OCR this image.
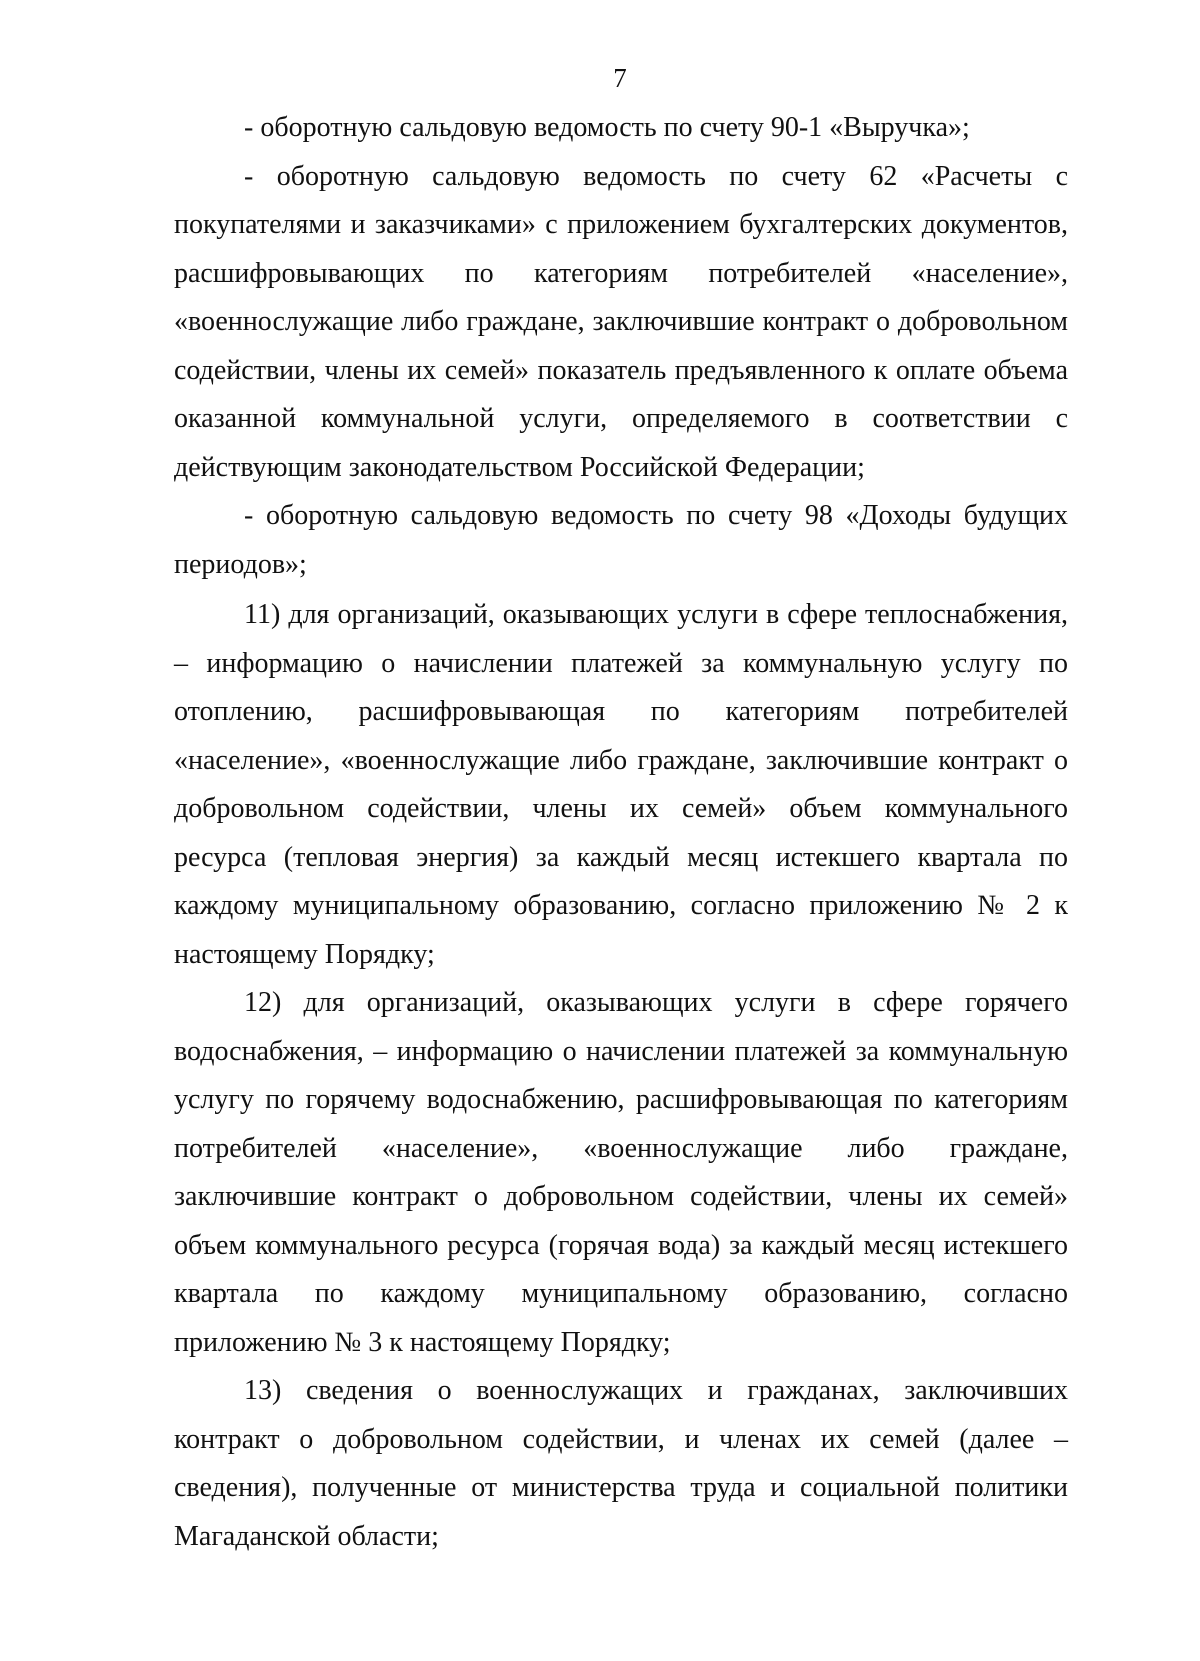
7

- оборотную сальдовую ведомость по счету 90-1 «Выручка»;

- оборотную сальдовую ведомость по счету 62 «Расчеты с покупателями и заказчиками» с приложением бухгалтерских документов, расшифровывающих по категориям потребителей «население», «военнослужащие либо граждане, заключившие контракт о добровольном содействии, члены их семей» показатель предъявленного к оплате объема оказанной коммунальной услуги, определяемого в соответствии с действующим законодательством Российской Федерации;

- оборотную сальдовую ведомость по счету 98 «Доходы будущих периодов»;

11) для организаций, оказывающих услуги в сфере теплоснабжения, – информацию о начислении платежей за коммунальную услугу по отоплению, расшифровывающая по категориям потребителей «население», «военнослужащие либо граждане, заключившие контракт о добровольном содействии, члены их семей» объем коммунального ресурса (тепловая энергия) за каждый месяц истекшего квартала по каждому муниципальному образованию, согласно приложению № 2 к настоящему Порядку;

12) для организаций, оказывающих услуги в сфере горячего водоснабжения, – информацию о начислении платежей за коммунальную услугу по горячему водоснабжению, расшифровывающая по категориям потребителей «население», «военнослужащие либо граждане, заключившие контракт о добровольном содействии, члены их семей» объем коммунального ресурса (горячая вода) за каждый месяц истекшего квартала по каждому муниципальному образованию, согласно приложению № 3 к настоящему Порядку;

13) сведения о военнослужащих и гражданах, заключивших контракт о добровольном содействии, и членах их семей (далее – сведения), полученные от министерства труда и социальной политики Магаданской области;
